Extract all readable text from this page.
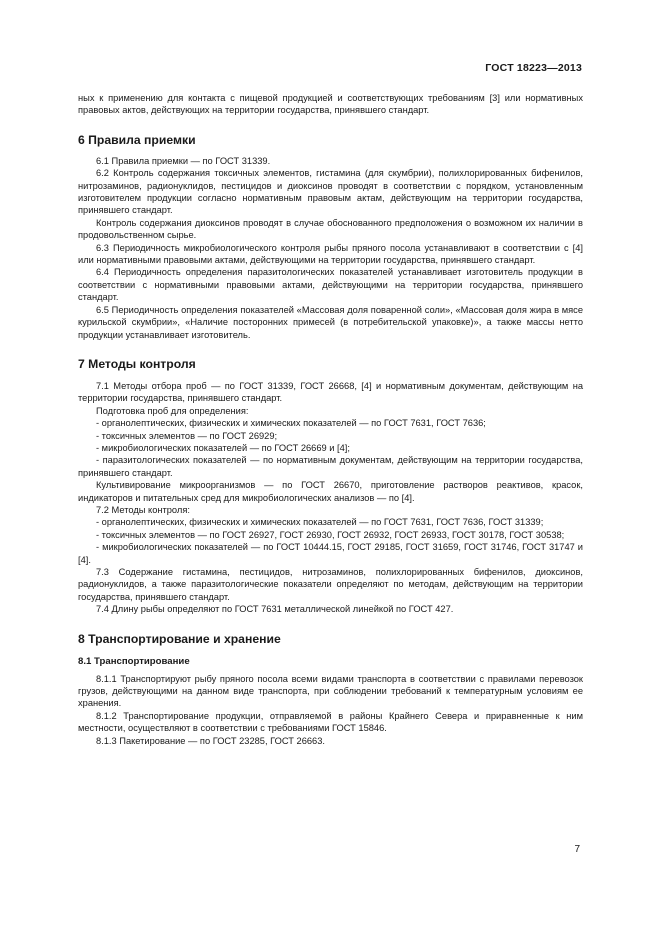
ГОСТ 18223—2013

ных к применению для контакта с пищевой продукцией и соответствующих требованиям [3] или нормативных правовых актов, действующих на территории государства, принявшего стандарт.

6 Правила приемки

6.1 Правила приемки — по ГОСТ 31339.

6.2 Контроль содержания токсичных элементов, гистамина (для скумбрии), полихлорированных бифенилов, нитрозаминов, радионуклидов, пестицидов и диоксинов проводят в соответствии с порядком, установленным изготовителем продукции согласно нормативным правовым актам, действующим на территории государства, принявшего стандарт.

Контроль содержания диоксинов проводят в случае обоснованного предположения о возможном их наличии в продовольственном сырье.

6.3 Периодичность микробиологического контроля рыбы пряного посола устанавливают в соответствии с [4] или нормативными правовыми актами, действующими на территории государства, принявшего стандарт.

6.4 Периодичность определения паразитологических показателей устанавливает изготовитель продукции в соответствии с нормативными правовыми актами, действующими на территории государства, принявшего стандарт.

6.5 Периодичность определения показателей «Массовая доля поваренной соли», «Массовая доля жира в мясе курильской скумбрии», «Наличие посторонних примесей (в потребительской упаковке)», а также массы нетто продукции устанавливает изготовитель.

7 Методы контроля

7.1 Методы отбора проб — по ГОСТ 31339, ГОСТ 26668, [4] и нормативным документам, действующим на территории государства, принявшего стандарт.

Подготовка проб для определения:

- органолептических, физических и химических показателей — по ГОСТ 7631, ГОСТ 7636;

- токсичных элементов — по ГОСТ 26929;

- микробиологических показателей — по ГОСТ 26669 и [4];

- паразитологических показателей — по нормативным документам, действующим на территории государства, принявшего стандарт.

Культивирование микроорганизмов — по ГОСТ 26670, приготовление растворов реактивов, красок, индикаторов и питательных сред для микробиологических анализов — по [4].

7.2 Методы контроля:

- органолептических, физических и химических показателей — по ГОСТ 7631, ГОСТ 7636, ГОСТ 31339;

- токсичных элементов — по ГОСТ 26927, ГОСТ 26930, ГОСТ 26932, ГОСТ 26933, ГОСТ 30178, ГОСТ 30538;

- микробиологических показателей — по ГОСТ 10444.15, ГОСТ 29185, ГОСТ 31659, ГОСТ 31746, ГОСТ 31747 и [4].

7.3 Содержание гистамина, пестицидов, нитрозаминов, полихлорированных бифенилов, диоксинов, радионуклидов, а также паразитологические показатели определяют по методам, действующим на территории государства, принявшего стандарт.

7.4 Длину рыбы определяют по ГОСТ 7631 металлической линейкой по ГОСТ 427.

8 Транспортирование и хранение
8.1 Транспортирование

8.1.1 Транспортируют рыбу пряного посола всеми видами транспорта в соответствии с правилами перевозок грузов, действующими на данном виде транспорта, при соблюдении требований к температурным условиям ее хранения.

8.1.2 Транспортирование продукции, отправляемой в районы Крайнего Севера и приравненные к ним местности, осуществляют в соответствии с требованиями ГОСТ 15846.

8.1.3 Пакетирование — по ГОСТ 23285, ГОСТ 26663.

7
